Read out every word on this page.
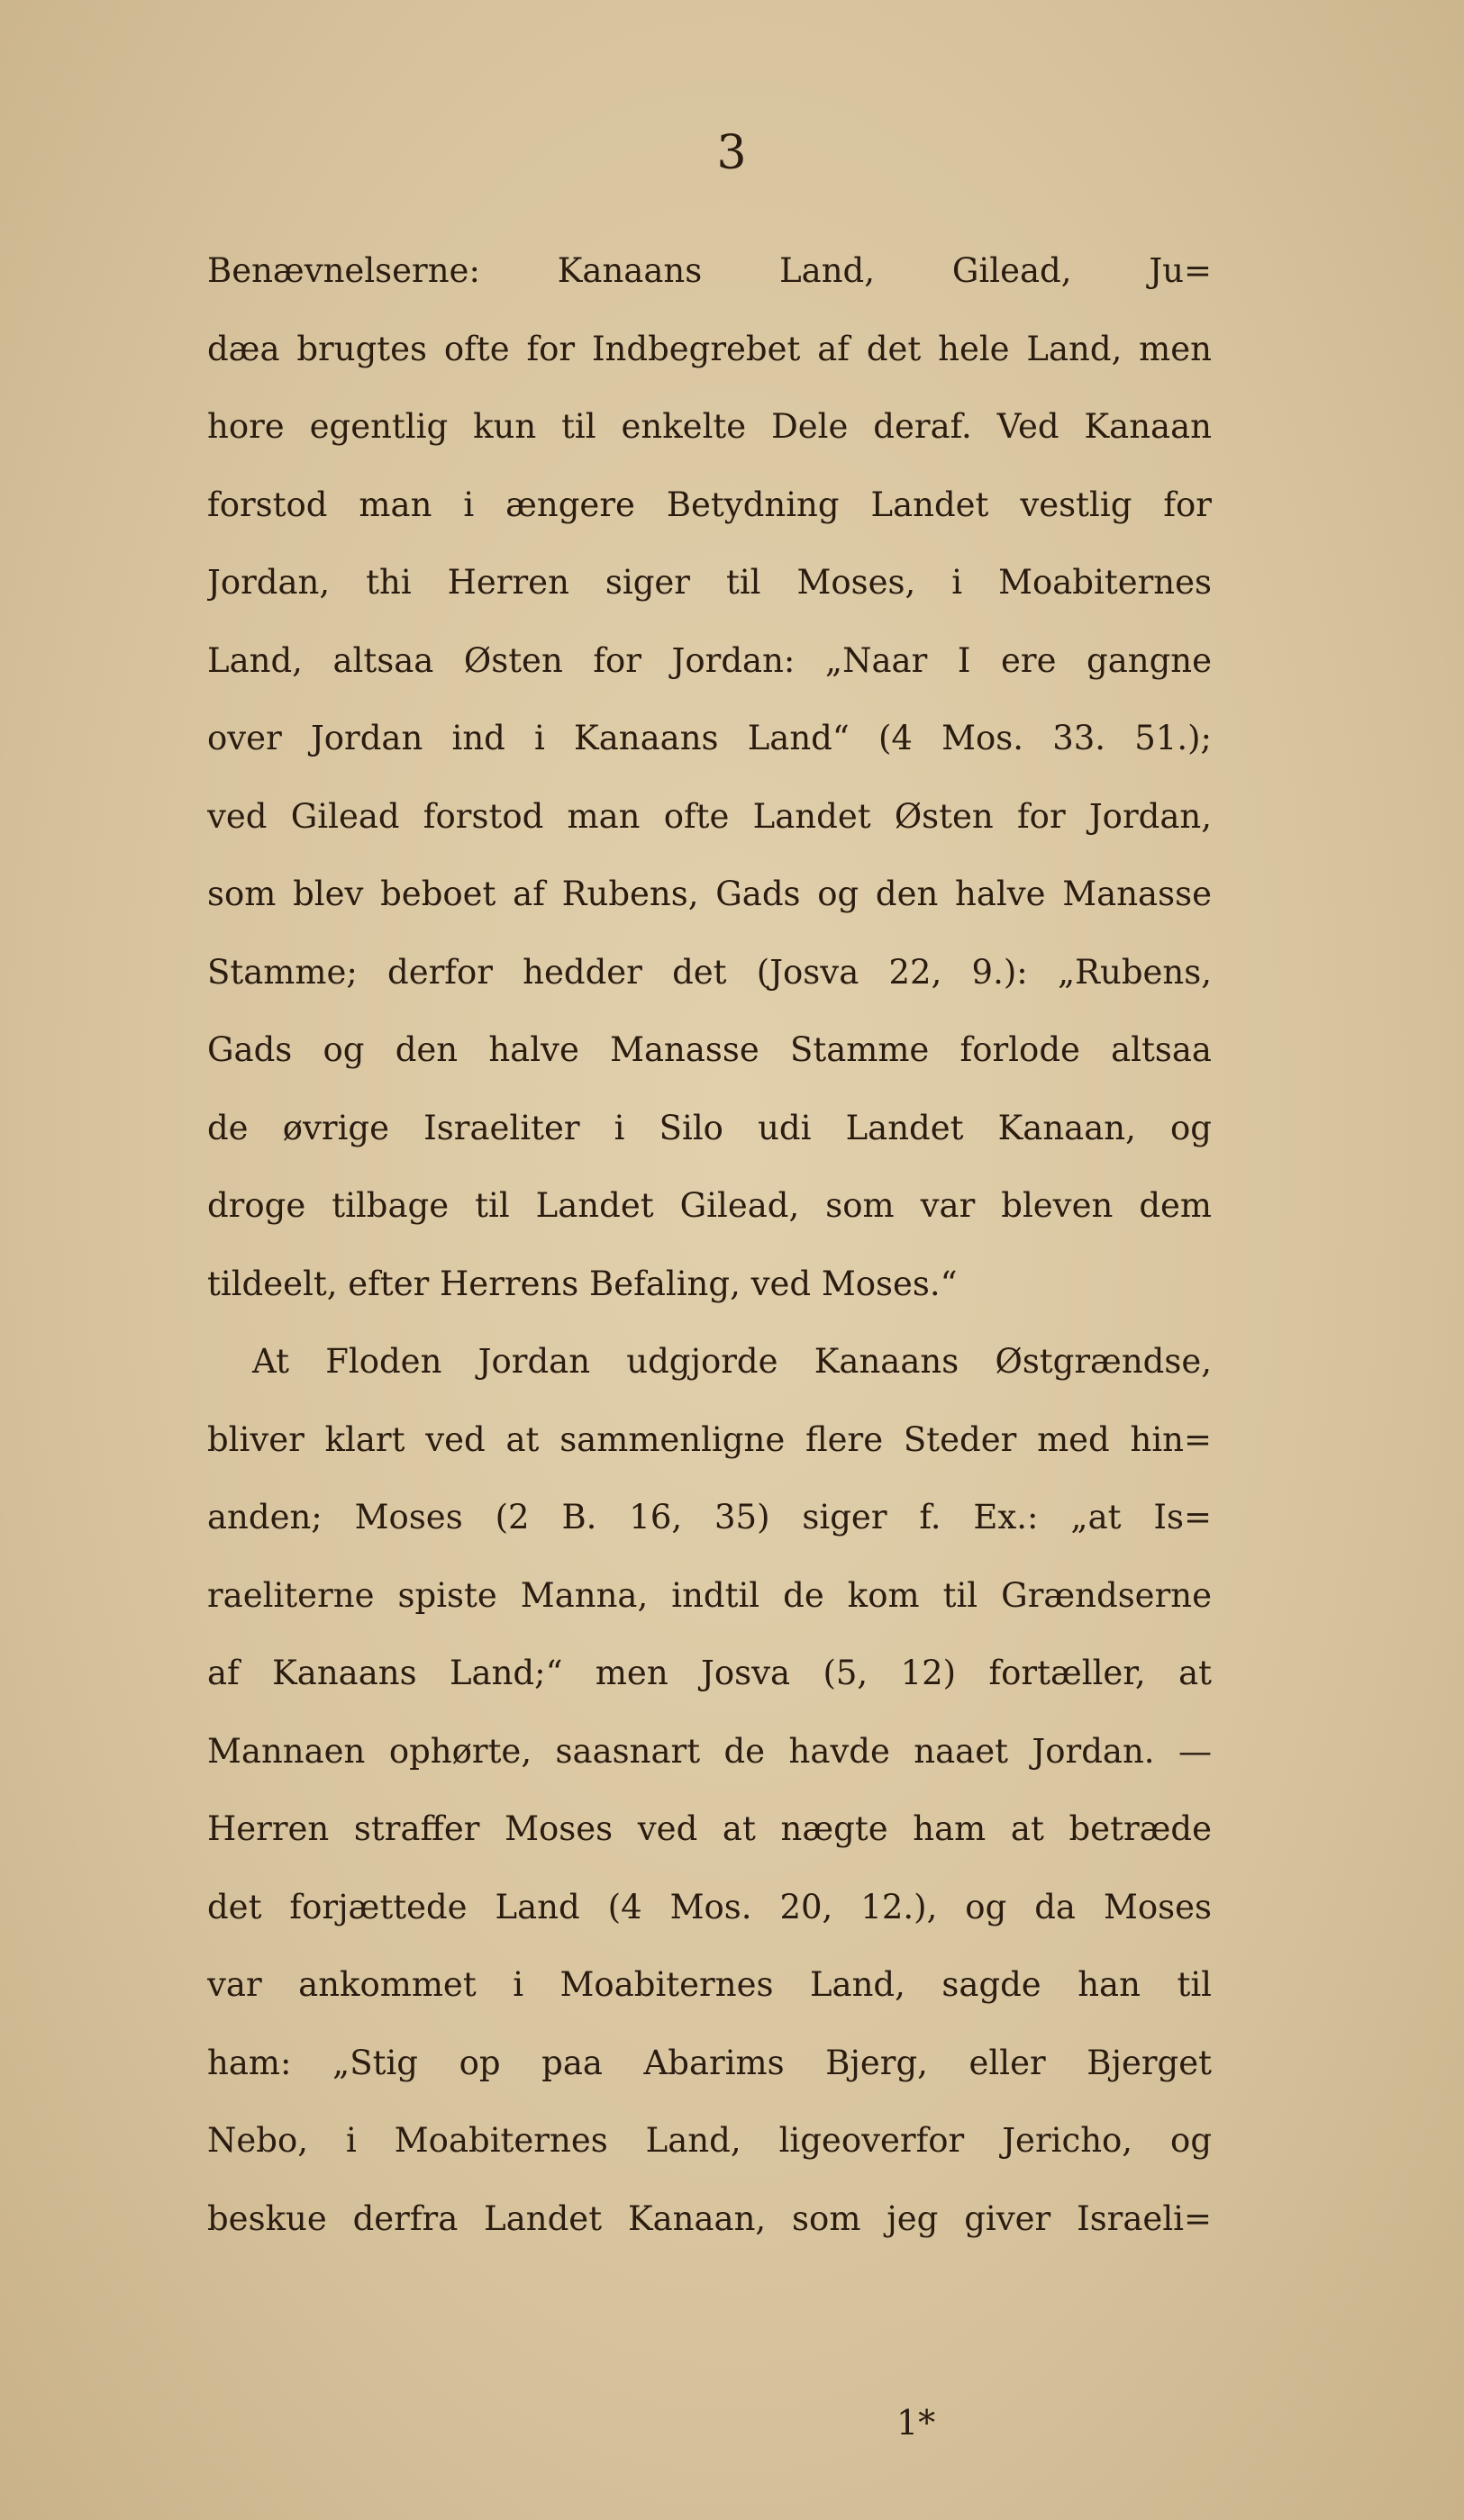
3
Benævnelserne: Kanaans Land, Gilead, Ju=
dæa brugtes ofte for Indbegrebet af det hele Land, men
hore egentlig kun til enkelte Dele deraf. Ved Kanaan
forstod man i ængere Betydning Landet vestlig for
Jordan, thi Herren siger til Moses, i Moabiternes
Land, altsaa Østen for Jordan: „Naar I ere gangne
over Jordan ind i Kanaans Land“ (4 Mos. 33. 51.);
ved Gilead forstod man ofte Landet Østen for Jordan,
som blev beboet af Rubens, Gads og den halve Manasse
Stamme; derfor hedder det (Josva 22, 9.): „Rubens,
Gads og den halve Manasse Stamme forlode altsaa
de øvrige Israeliter i Silo udi Landet Kanaan, og
droge tilbage til Landet Gilead, som var bleven dem
tildeelt, efter Herrens Befaling, ved Moses.“
At Floden Jordan udgjorde Kanaans Østgrændse,
bliver klart ved at sammenligne flere Steder med hin=
anden; Moses (2 B. 16, 35) siger f. Ex.: „at Is=
raeliterne spiste Manna, indtil de kom til Grændserne
af Kanaans Land;“ men Josva (5, 12) fortæller, at
Mannaen ophørte, saasnart de havde naaet Jordan. —
Herren straffer Moses ved at nægte ham at betræde
det forjættede Land (4 Mos. 20, 12.), og da Moses
var ankommet i Moabiternes Land, sagde han til
ham: „Stig op paa Abarims Bjerg, eller Bjerget
Nebo, i Moabiternes Land, ligeoverfor Jericho, og
beskue derfra Landet Kanaan, som jeg giver Israeli=
1*
